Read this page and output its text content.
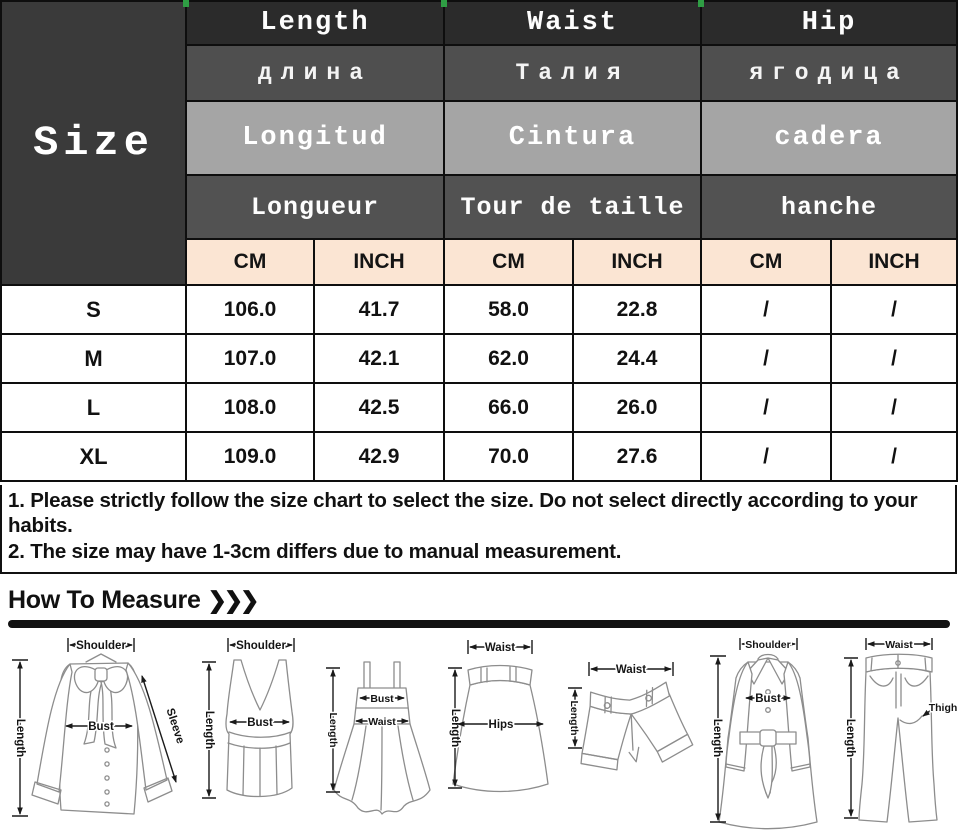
Size	Length		Waist		Hip	
	длина		Талия		ягодица	
	Longitud		Cintura		cadera	
	Longueur		Tour de taille		hanche	
	CM	INCH	CM	INCH	CM	INCH
S	106.0	41.7	58.0	22.8	/	/
M	107.0	42.1	62.0	24.4	/	/
L	108.0	42.5	66.0	26.0	/	/
XL	109.0	42.9	70.0	27.6	/	/
1. Please strictly follow the size chart to select the size. Do not select directly according to your habits.
2. The size may have 1-3cm differs due to manual measurement.
How To Measure ❯❯❯
Shoulder
Length	Bust	Sleeve
Shoulder
Length	Bust	Length
Bust
Waist
Waist
Length Hips
Waist
Length
Shoulder
Length
Bust
Waist
Length
Thigh
